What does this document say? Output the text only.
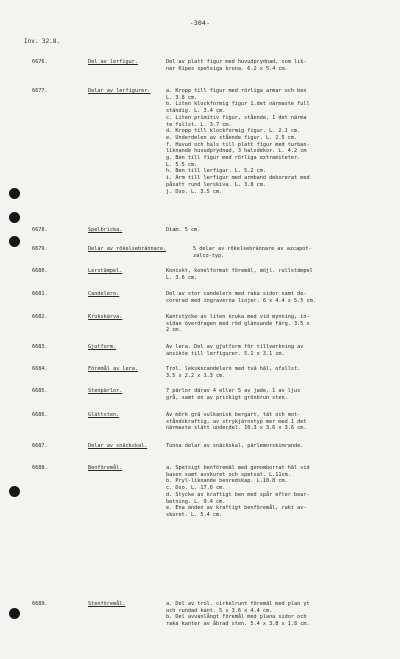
-304-
Inv. 32.8.
6676.	Del av lerfigur.	Del av platt figur med huvudprydnad, som lik-
nar Kipes spetsiga krona. 6.2 x 5.4 cm.
6677.	Delar av lerfigurer.	a. Kropp till figur med rörliga armar och ben
L. 3.8 cm.
b. Liten klockformig figur 1.det närmaste full
ständig. L. 3.4 cm.
c. Liten primitiv figur, stående, 1 det närma
te fullst. L. 3.7 cm.
d. Kropp till klockformig figur. L. 2.1 cm.
e. Underdelen av stående figur. L. 2.5 cm.
f. Huvud och hals till platt figur med turban-
liknande huvudprydnad, 3 halsdekor. L. 4.2 cm
g. Ben till figur med rörliga extremiteter.
L. 5.5 cm.
h. Ben till lerfigur. L. 5.2 cm.
i. Arm till lerfigur med armband dekorerat med
påsatt rund lerskiva. L. 3.8 cm.
j. Dso. L. 3.5 cm.
6678.	Spelbricka.	Diam. 5 cm.
6679.	Delar av rökelsebrännare.	5 delar av rökelsebrännare av azcapot-
zalco-typ.
6680.	Lerstämpel.	Koniskt, konelformat föremål, möjl. rullstämpel
L. 3.6 cm.
6681.	Candelero.	Del av stor candelero med raka sidor samt de-
corerad med ingraverna linjer. 6 x 4.4 x 5.5 cm.
6682.	Krukskärva.	Kantstycke av liten kruka med vid mynning, in-
sidan överdragen med röd glänsande färg. 3.5 x
2 cm.
6683.	Gjutform.	Av lera. Del av gjutform för tillverkning av
ansikte till lerfigurer. 5.1 x 3.1 cm.
6684.	Föremål av lera.	Trol. lekskscandelero med två hål, ofullst.
3.5 x 2.2 x 1.3 cm.
6685.	Stenpärlor.	7 pärlor därav 4 eller 5 av jade, 1 av ljus
grå, samt en av prickigt grönbrun sten.
6686.	Glättsten.	Av mörk grå vulkanisk bergart, tät och mot-
ståndskraftig, av strykjärnstyp mer med 1 det
närmaste slätt underdel. 10.3 x 3.6 x 3.6 cm.
6687.	Delar av snäckskal.	Tunna delar av snäckskal, pärlemorskimrande.
6688.	Benföremål.	a. Spetsigt benföremål med genomborrat hål vid
basen samt avskuret och spetsat. L.11cm.
b. Pryl-liknande benredskap. L.10.8 cm.
c. Dso. L. 17.6 cm.
d. Stycke av kraftigt ben med spår efter bear-
betning. L. 9.4 cm.
e. Ena änden av kraftigt benföremål, rakt av-
skuret. L. 5.4 cm.
6689.	Stenföremål.	a. Del av trol. cirkelrunt föremål med plan yt
och rundad kant. 5 x 3.6 x 4.4 cm.
b. Del avvanlångt föremål med plana sidor och
raka kanter av åbrad sten. 5.4 x 3.8 x 1.8 cm.
